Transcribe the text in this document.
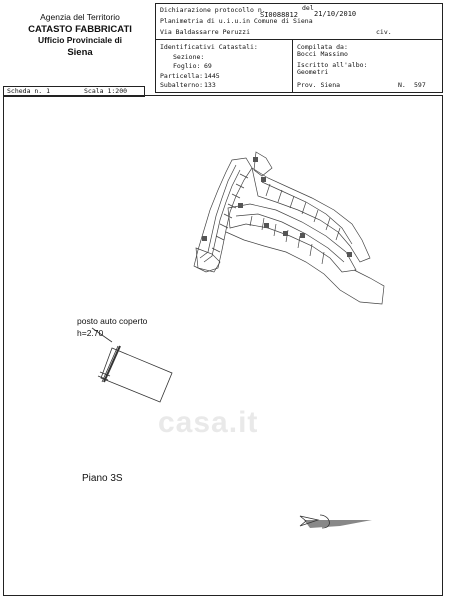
Agenzia del Territorio
CATASTO FABBRICATI
Ufficio Provinciale di
Siena
Dichiarazione protocollo n.
SI0088812
del
21/10/2010
Planimetria di u.i.u.in Comune di Siena
Via Baldassarre Peruzzi	civ.
Identificativi Catastali:
Sezione:
Foglio: 69
Particella: 1445
Subalterno: 133
Compilata da:
Bocci Massimo
Iscritto all'albo:
Geometri
Prov. Siena	N. 597
Scheda n. 1	Scala 1:200
casa.it
posto auto coperto
h=2.70
Piano 3S
